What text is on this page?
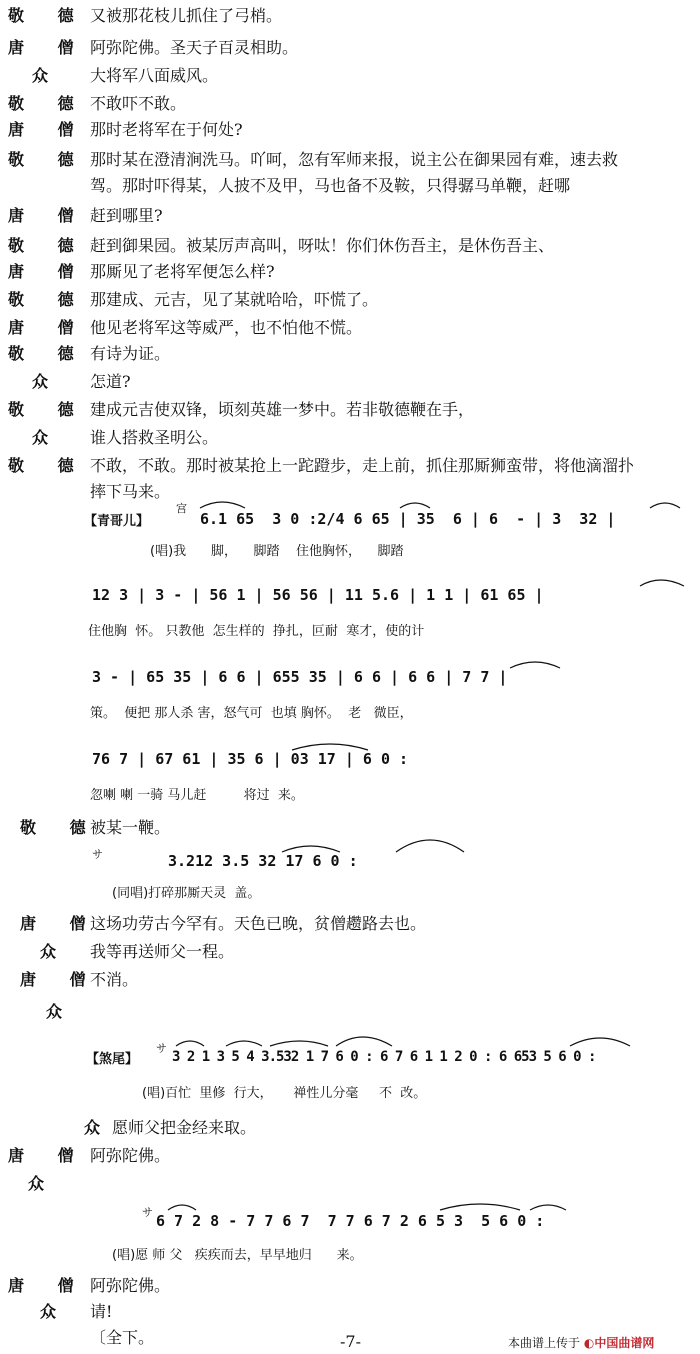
敬 德 又被那花枝儿抓住了弓梢。
唐 僧 阿弥陀佛。圣天子百灵相助。
众	大将军八面威风。
敬 德 不敢吓不敢。
唐 僧 那时老将军在于何处?
敬 德 那时某在澄清涧洗马。吖呵，忽有军师来报，说主公在御果园有难，速去救
驾。那时吓得某，人披不及甲，马也备不及鞍，只得骣马单鞭，赶哪
唐 僧 赶到哪里?
敬 德 赶到御果园。被某厉声高叫，呀呔！你们休伤吾主，是休伤吾主、
唐 僧 那厮见了老将军便怎么样?
敬 德 那建成、元吉，见了某就哈哈，吓慌了。
唐 僧 他见老将军这等威严，也不怕他不慌。
敬 德 有诗为证。
众	怎道?
敬 德 建成元吉使双锋，顷刻英雄一梦中。若非敬德鞭在手，
众	谁人搭救圣明公。
敬 德 不敢，不敢。那时被某抢上一跎蹬步，走上前，抓住那厮狮蛮带，将他滴溜扑
摔下马来。
【青哥儿】
宫
6.1 65  3 0 :2/4 6 65 | 35  6 | 6  - | 3  32 |
(唱)我      脚，    脚踏    住他胸怀，    脚踏
12 3 | 3 - | 56 1 | 56 56 | 11 5.6 | 1 1 | 61 65 |
住他胸  怀。 只教他  怎生样的  挣扎，叵耐  寒才，使的计
3 - | 65 35 | 6 6 | 655 35 | 6 6 | 6 6 | 7 7 |
策。  便把 那人杀 害，怒气可  也填 胸怀。  老   微臣，
76 7 | 67 61 | 35 6 | 03 17 | 6 0 :
忽喇 喇 一骑 马儿赶         将过  来。
敬 德
被某一鞭。
サ	3.212 3.5 32 17 6 0 :
(同唱)打碎那厮天灵  盖。
唐 僧
这场功劳古今罕有。天色已晚，贫僧趱路去也。
众 我等再送师父一程。
唐 僧
不消。
众
【煞尾】
サ
3 2 1 3 5 4 3.532 1 7 6 0 : 6 7 6 1 1 2 0 : 6 653 5 6 0 :
(唱)百忙  里修  行大，     禅性儿分毫     不  改。
众 愿师父把金经来取。
唐 僧 阿弥陀佛。
众
サ 6 7 2 8 - 7 7 6 7  7 7 6 7 2 6 5 3  5 6 0 :
(唱)愿 师 父   疾疾而去，早早地归      来。
唐 僧 阿弥陀佛。
众 请!
〔全下。	-7-	本曲谱上传于 ◐中国曲谱网
